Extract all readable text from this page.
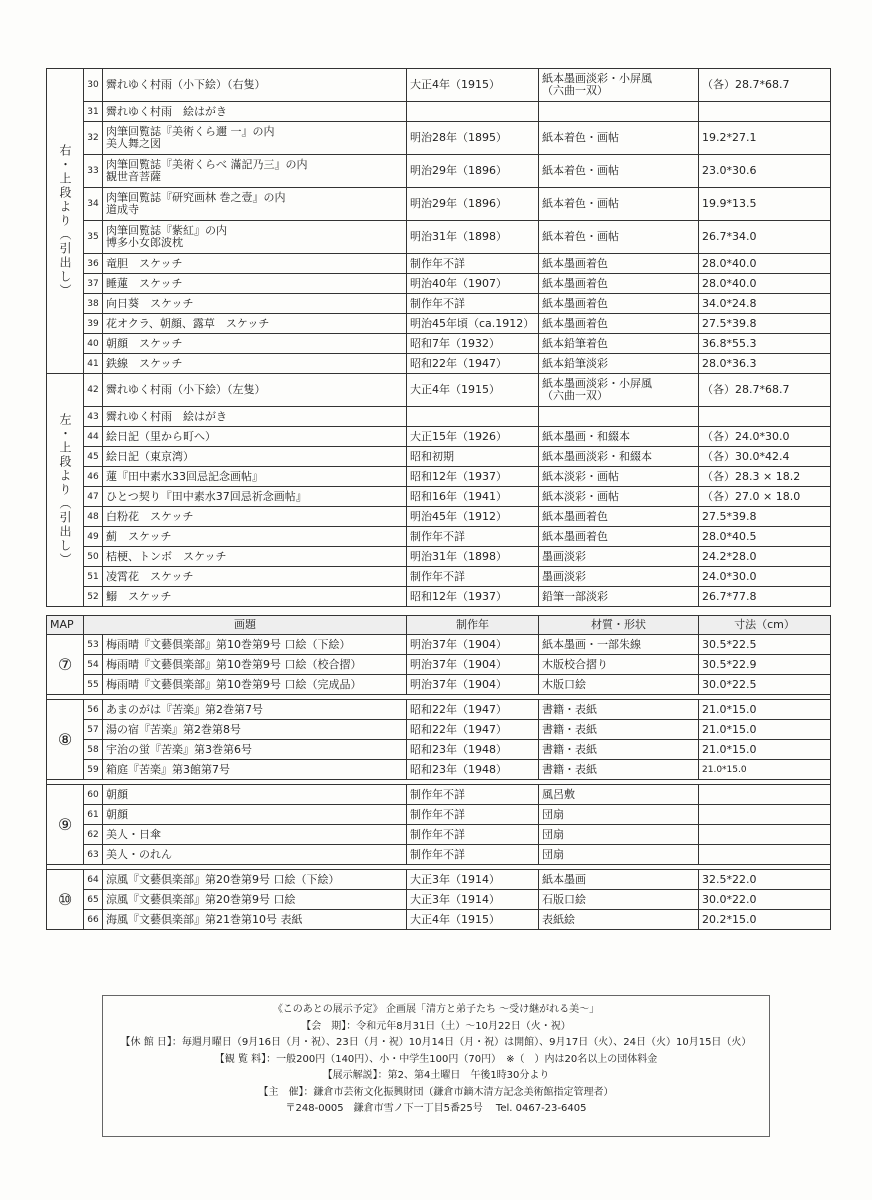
右・上段より（引出し）	30	霽れゆく村雨（小下絵）（右隻）	大正4年（1915）	紙本墨画淡彩・小屏風
（六曲一双）	（各）28.7*68.7
	31	霽れゆく村雨　絵はがき			
	32	肉筆回覧誌『美術くら邇 一』の内
美人舞之図	明治28年（1895）	紙本着色・画帖	19.2*27.1
	33	肉筆回覧誌『美術くらべ 滿記乃三』の内
観世音菩薩	明治29年（1896）	紙本着色・画帖	23.0*30.6
	34	肉筆回覧誌『研究画林 巻之壹』の内
道成寺	明治29年（1896）	紙本着色・画帖	19.9*13.5
	35	肉筆回覧誌『紫紅』の内
博多小女郎波枕	明治31年（1898）	紙本着色・画帖	26.7*34.0
	36	竜胆　スケッチ	制作年不詳	紙本墨画着色	28.0*40.0
	37	睡蓮　スケッチ	明治40年（1907）	紙本墨画着色	28.0*40.0
	38	向日葵　スケッチ	制作年不詳	紙本墨画着色	34.0*24.8
	39	花オクラ、朝顔、露草　スケッチ	明治45年頃（ca.1912）	紙本墨画着色	27.5*39.8
	40	朝顔　スケッチ	昭和7年（1932）	紙本鉛筆着色	36.8*55.3
	41	鉄線　スケッチ	昭和22年（1947）	紙本鉛筆淡彩	28.0*36.3

左・上段より（引出し）	42	霽れゆく村雨（小下絵）（左隻）	大正4年（1915）	紙本墨画淡彩・小屏風
（六曲一双）	（各）28.7*68.7
	43	霽れゆく村雨　絵はがき			
	44	絵日記（里から町へ）	大正15年（1926）	紙本墨画・和綴本	（各）24.0*30.0
	45	絵日記（東京湾）	昭和初期	紙本墨画淡彩・和綴本	（各）30.0*42.4
	46	蓮『田中素水33回忌記念画帖』	昭和12年（1937）	紙本淡彩・画帖	（各）28.3 × 18.2
	47	ひとつ契り『田中素水37回忌祈念画帖』	昭和16年（1941）	紙本淡彩・画帖	（各）27.0 × 18.0
	48	白粉花　スケッチ	明治45年（1912）	紙本墨画着色	27.5*39.8
	49	薊　スケッチ	制作年不詳	紙本墨画着色	28.0*40.5
	50	桔梗、トンボ　スケッチ	明治31年（1898）	墨画淡彩	24.2*28.0
	51	凌霄花　スケッチ	制作年不詳	墨画淡彩	24.0*30.0
	52	鰯　スケッチ	昭和12年（1937）	鉛筆一部淡彩	26.7*77.8
MAP	画題		制作年	材質・形状	寸法（cm）
⑦	53	梅雨晴『文藝倶楽部』第10巻第9号 口絵（下絵）	明治37年（1904）	紙本墨画・一部朱線	30.5*22.5
	54	梅雨晴『文藝倶楽部』第10巻第9号 口絵（校合摺）	明治37年（1904）	木版校合摺り	30.5*22.9
	55	梅雨晴『文藝倶楽部』第10巻第9号 口絵（完成品）	明治37年（1904）	木版口絵	30.0*22.5

⑧	56	あまのがは『苦楽』第2巻第7号	昭和22年（1947）	書籍・表紙	21.0*15.0
	57	湯の宿『苦楽』第2巻第8号	昭和22年（1947）	書籍・表紙	21.0*15.0
	58	宇治の蛍『苦楽』第3巻第6号	昭和23年（1948）	書籍・表紙	21.0*15.0
	59	箱庭『苦楽』第3館第7号	昭和23年（1948）	書籍・表紙	21.0*15.0

⑨	60	朝顔	制作年不詳	風呂敷	
	61	朝顔	制作年不詳	団扇	
	62	美人・日傘	制作年不詳	団扇	
	63	美人・のれん	制作年不詳	団扇	

⑩	64	涼風『文藝倶楽部』第20巻第9号 口絵（下絵）	大正3年（1914）	紙本墨画	32.5*22.0
	65	涼風『文藝倶楽部』第20巻第9号 口絵	大正3年（1914）	石版口絵	30.0*22.0
	66	海風『文藝倶楽部』第21巻第10号 表紙	大正4年（1915）	表紙絵	20.2*15.0
《このあとの展示予定》 企画展「清方と弟子たち ～受け継がれる美～」
【会　期】：令和元年8月31日（土）～10月22日（火・祝）
【休 館 日】：毎週月曜日（9月16日（月・祝）、23日（月・祝）10月14日（月・祝）は開館）、9月17日（火）、24日（火）10月15日（火）
【観 覧 料】：一般200円（140円）、小・中学生100円（70円）　※（　）内は20名以上の団体料金
【展示解説】：第2、第4土曜日　午後1時30分より
【主　催】：鎌倉市芸術文化振興財団（鎌倉市鏑木清方記念美術館指定管理者）
〒248-0005　鎌倉市雪ノ下一丁目5番25号　 Tel. 0467-23-6405
